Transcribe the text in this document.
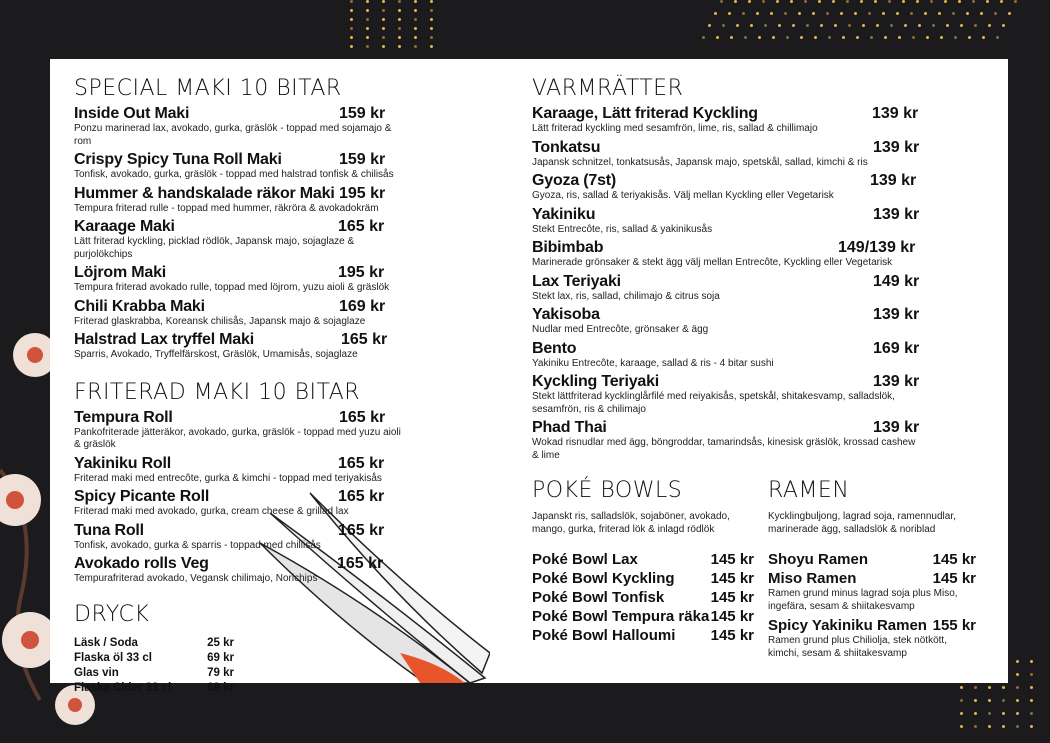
SPECIAL MAKI 10 BITAR
Inside Out Maki	159 kr
Ponzu marinerad lax, avokado, gurka, gräslök - toppad med sojamajo & rom
Crispy Spicy Tuna Roll Maki	159 kr
Tonfisk, avokado, gurka, gräslök - toppad med halstrad tonfisk & chilisås
Hummer & handskalade räkor Maki 195 kr
Tempura friterad rulle - toppad med hummer, räkröra & avokadokräm
Karaage Maki	165 kr
Lätt friterad kyckling, picklad rödlök, Japansk majo, sojaglaze & purjolökchips
Löjrom Maki	195 kr
Tempura friterad avokado rulle, toppad med löjrom, yuzu aioli & gräslök
Chili Krabba Maki	169 kr
Friterad glaskrabba, Koreansk chilisås, Japansk majo & sojaglaze
Halstrad Lax tryffel Maki	165 kr
Sparris, Avokado, Tryffelfärskost, Gräslök, Umamisås, sojaglaze
FRITERAD MAKI 10 BITAR
Tempura Roll	165 kr
Pankofriterade jätteräkor, avokado, gurka, gräslök - toppad med yuzu aioli & gräslök
Yakiniku Roll	165 kr
Friterad maki med entrecôte, gurka & kimchi - toppad med teriyakisås
Spicy Picante Roll	165 kr
Friterad maki med avokado, gurka, cream cheese & grillad lax
Tuna Roll	165 kr
Tonfisk, avokado, gurka & sparris - toppad med chillisås
Avokado rolls Veg	165 kr
Tempurafriterad avokado, Vegansk chilimajo, Norichips
DRYCK
Läsk / Soda	25 kr
Flaska öl 33 cl	69 kr
Glas vin	79 kr
Flaska Cider 33 cl	69 kr
VARMRÄTTER
Karaage, Lätt friterad Kyckling	139 kr
Lätt friterad kyckling med sesamfrön, lime, ris, sallad & chillimajo
Tonkatsu	139 kr
Japansk schnitzel, tonkatsusås, Japansk majo, spetskål, sallad, kimchi & ris
Gyoza (7st)	139 kr
Gyoza, ris, sallad & teriyakisås. Välj mellan Kyckling eller Vegetarisk
Yakiniku	139 kr
Stekt Entrecôte, ris, sallad & yakinikusås
Bibimbab	149/139 kr
Marinerade grönsaker & stekt ägg välj mellan Entrecôte, Kyckling eller Vegetarisk
Lax Teriyaki	149 kr
Stekt lax, ris, sallad, chilimajo & citrus soja
Yakisoba	139 kr
Nudlar med Entrecôte, grönsaker & ägg
Bento	169 kr
Yakiniku Entrecôte, karaage, sallad & ris - 4 bitar sushi
Kyckling Teriyaki	139 kr
Stekt lättfriterad kycklinglårfilé med reiyakisås, spetskål, shitakesvamp, salladslök, sesamfrön, ris & chilimajo
Phad Thai	139 kr
Wokad risnudlar med ägg, böngroddar, tamarindsås, kinesisk gräslök, krossad cashew & lime
POKÉ BOWLS
Japanskt ris, salladslök, sojaböner, avokado, mango, gurka, friterad lök & inlagd rödlök
Poké Bowl Lax	145 kr
Poké Bowl Kyckling 145 kr
Poké Bowl Tonfisk	145 kr
Poké Bowl Tempura räka 145 kr
Poké Bowl Halloumi 145 kr
RAMEN
Kycklingbuljong, lagrad soja, ramennudlar, marinerade ägg, salladslök & noriblad
Shoyu Ramen	145 kr
Miso Ramen	145 kr
Ramen grund minus lagrad soja plus Miso, ingefära, sesam & shiitakesvamp
Spicy Yakiniku Ramen 155 kr
Ramen grund plus Chiliolja, stek nötkött, kimchi, sesam & shiitakesvamp
